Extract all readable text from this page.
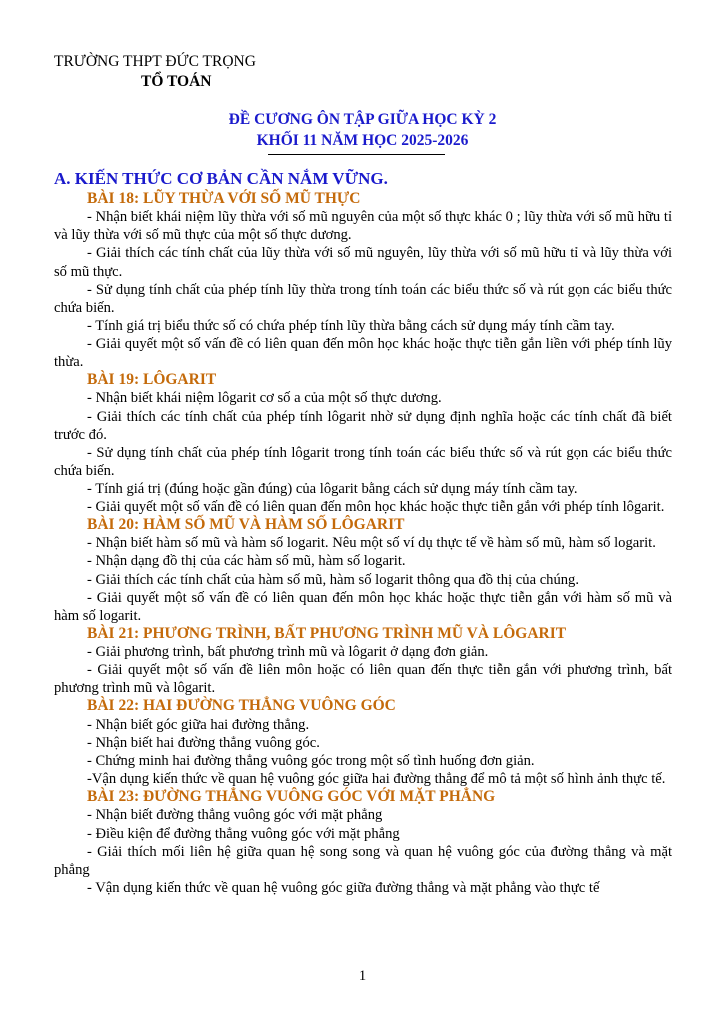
TRƯỜNG THPT ĐỨC TRỌNG
TỔ TOÁN
ĐỀ CƯƠNG ÔN TẬP GIỮA HỌC KỲ 2
KHỐI 11 NĂM HỌC 2025-2026
A. KIẾN THỨC CƠ BẢN CẦN NẮM VỮNG.

BÀI 18: LŨY THỪA VỚI SỐ MŨ THỰC

- Nhận biết khái niệm lũy thừa với số mũ nguyên của một số thực khác 0 ; lũy thừa với số mũ hữu tỉ và lũy thừa với số mũ thực của một số thực dương.

- Giải thích các tính chất của lũy thừa với số mũ nguyên, lũy thừa với số mũ hữu tỉ và lũy thừa với số mũ thực.

- Sử dụng tính chất của phép tính lũy thừa trong tính toán các biểu thức số và rút gọn các biểu thức chứa biến.

- Tính giá trị biểu thức số có chứa phép tính lũy thừa bằng cách sử dụng máy tính cầm tay.

- Giải quyết một số vấn đề có liên quan đến môn học khác hoặc thực tiễn gắn liền với phép tính lũy thừa.

BÀI 19: LÔGARIT

- Nhận biết khái niệm lôgarit cơ số a của một số thực dương.

- Giải thích các tính chất của phép tính lôgarit nhờ sử dụng định nghĩa hoặc các tính chất đã biết trước đó.

- Sử dụng tính chất của phép tính lôgarit trong tính toán các biểu thức số và rút gọn các biểu thức chứa biến.

- Tính giá trị (đúng hoặc gần đúng) của lôgarit bằng cách sử dụng máy tính cầm tay.

- Giải quyết một số vấn đề có liên quan đến môn học khác hoặc thực tiễn gắn với phép tính lôgarit.

BÀI 20: HÀM SỐ MŨ VÀ HÀM SỐ LÔGARIT

- Nhận biết hàm số mũ và hàm số logarit. Nêu một số ví dụ thực tế về hàm số mũ, hàm số logarit.

- Nhận dạng đồ thị của các hàm số mũ, hàm số logarit.

- Giải thích các tính chất của hàm số mũ, hàm số logarit thông qua đồ thị của chúng.

- Giải quyết một số vấn đề có liên quan đến môn học khác hoặc thực tiễn gắn với hàm số mũ và hàm số logarit.

BÀI 21: PHƯƠNG TRÌNH, BẤT PHƯƠNG TRÌNH MŨ VÀ LÔGARIT

- Giải phương trình, bất phương trình mũ và lôgarit ở dạng đơn giản.

- Giải quyết một số vấn đề liên môn hoặc có liên quan đến thực tiễn gắn với phương trình, bất phương trình mũ và lôgarit.

BÀI 22: HAI ĐƯỜNG THẲNG VUÔNG GÓC

- Nhận biết góc giữa hai đường thẳng.

- Nhận biết hai đường thẳng vuông góc.

- Chứng minh hai đường thẳng vuông góc trong một số tình huống đơn giản.

-Vận dụng kiến thức về quan hệ vuông góc giữa hai đường thẳng để mô tả một số hình ảnh thực tế.

BÀI 23: ĐƯỜNG THẲNG VUÔNG GÓC VỚI MẶT PHẲNG

- Nhận biết đường thẳng vuông góc với mặt phẳng

- Điều kiện để đường thẳng vuông góc với mặt phẳng

- Giải thích mối liên hệ giữa quan hệ song song và quan hệ vuông góc của đường thẳng và mặt phẳng

- Vận dụng kiến thức về quan hệ vuông góc giữa đường thẳng và mặt phẳng vào thực tế

1
